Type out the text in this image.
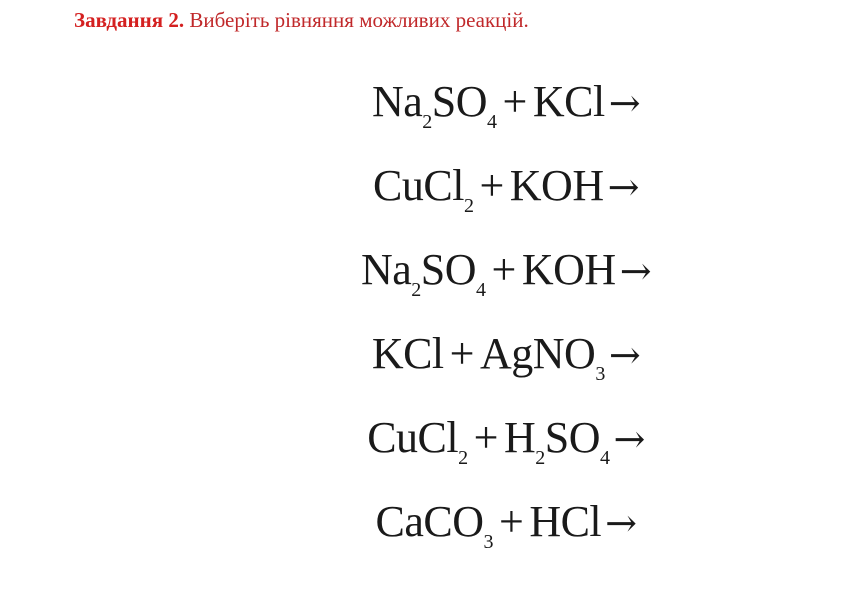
Завдання 2. Виберіть рівняння можливих реакцій.
$Na_2SO_4$ + KCl →
CuCl$_2$ + KOH →
$Na_2SO_4$ + KOH →
KCl + AgNO$_3$ →
CuCl$_2$ + $H_2SO_4$ →
CaCO$_3$ + HCl →
